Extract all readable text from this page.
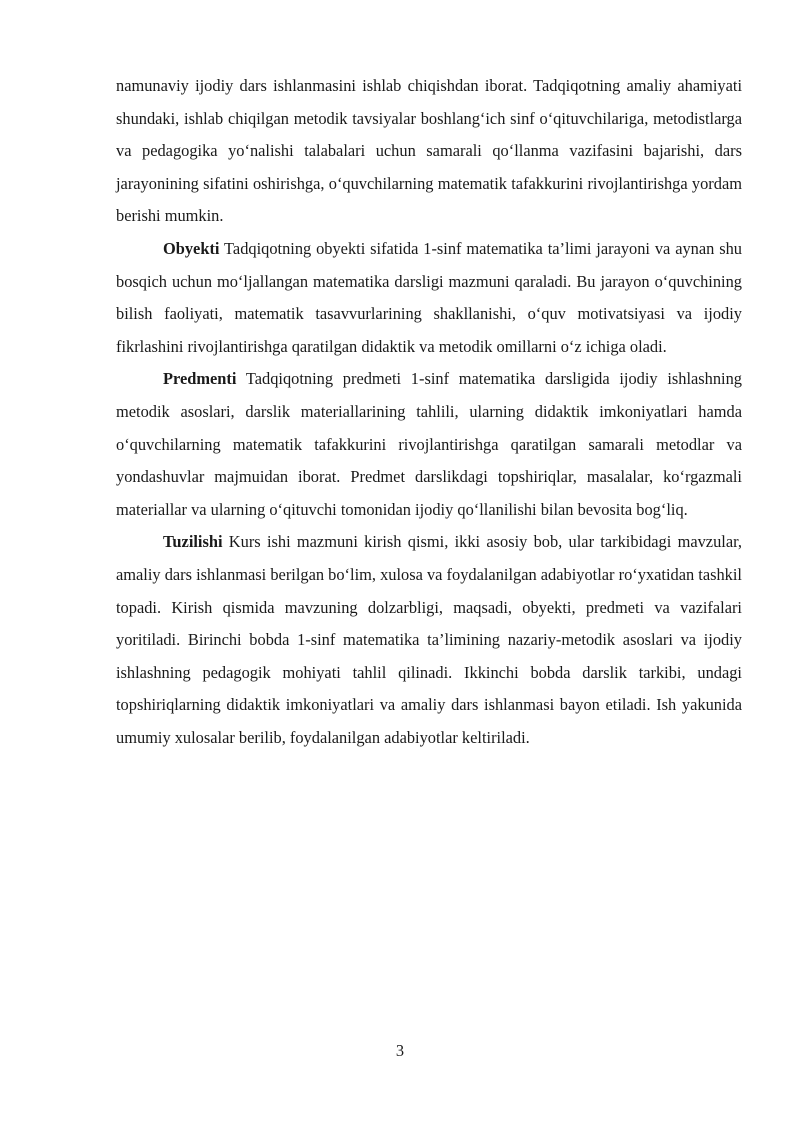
namunaviy ijodiy dars ishlanmasini ishlab chiqishdan iborat. Tadqiqotning amaliy ahamiyati shundaki, ishlab chiqilgan metodik tavsiyalar boshlang‘ich sinf o‘qituvchilariga, metodistlarga va pedagogika yo‘nalishi talabalari uchun samarali qo‘llanma vazifasini bajarishi, dars jarayonining sifatini oshirishga, o‘quvchilarning matematik tafakkurini rivojlantirishga yordam berishi mumkin.

Obyekti Tadqiqotning obyekti sifatida 1-sinf matematika ta’limi jarayoni va aynan shu bosqich uchun mo‘ljallangan matematika darsligi mazmuni qaraladi. Bu jarayon o‘quvchining bilish faoliyati, matematik tasavvurlarining shakllanishi, o‘quv motivatsiyasi va ijodiy fikrlashini rivojlantirishga qaratilgan didaktik va metodik omillarni o‘z ichiga oladi.

Predmenti Tadqiqotning predmeti 1-sinf matematika darsligida ijodiy ishlashning metodik asoslari, darslik materiallarining tahlili, ularning didaktik imkoniyatlari hamda o‘quvchilarning matematik tafakkurini rivojlantirishga qaratilgan samarali metodlar va yondashuvlar majmuidan iborat. Predmet darslikdagi topshiriqlar, masalalar, ko‘rgazmali materiallar va ularning o‘qituvchi tomonidan ijodiy qo‘llanilishi bilan bevosita bog‘liq.

Tuzilishi Kurs ishi mazmuni kirish qismi, ikki asosiy bob, ular tarkibidagi mavzular, amaliy dars ishlanmasi berilgan bo‘lim, xulosa va foydalanilgan adabiyotlar ro‘yxatidan tashkil topadi. Kirish qismida mavzuning dolzarbligi, maqsadi, obyekti, predmeti va vazifalari yoritiladi. Birinchi bobda 1-sinf matematika ta’limining nazariy-metodik asoslari va ijodiy ishlashning pedagogik mohiyati tahlil qilinadi. Ikkinchi bobda darslik tarkibi, undagi topshiriqlarning didaktik imkoniyatlari va amaliy dars ishlanmasi bayon etiladi. Ish yakunida umumiy xulosalar berilib, foydalanilgan adabiyotlar keltiriladi.

3
